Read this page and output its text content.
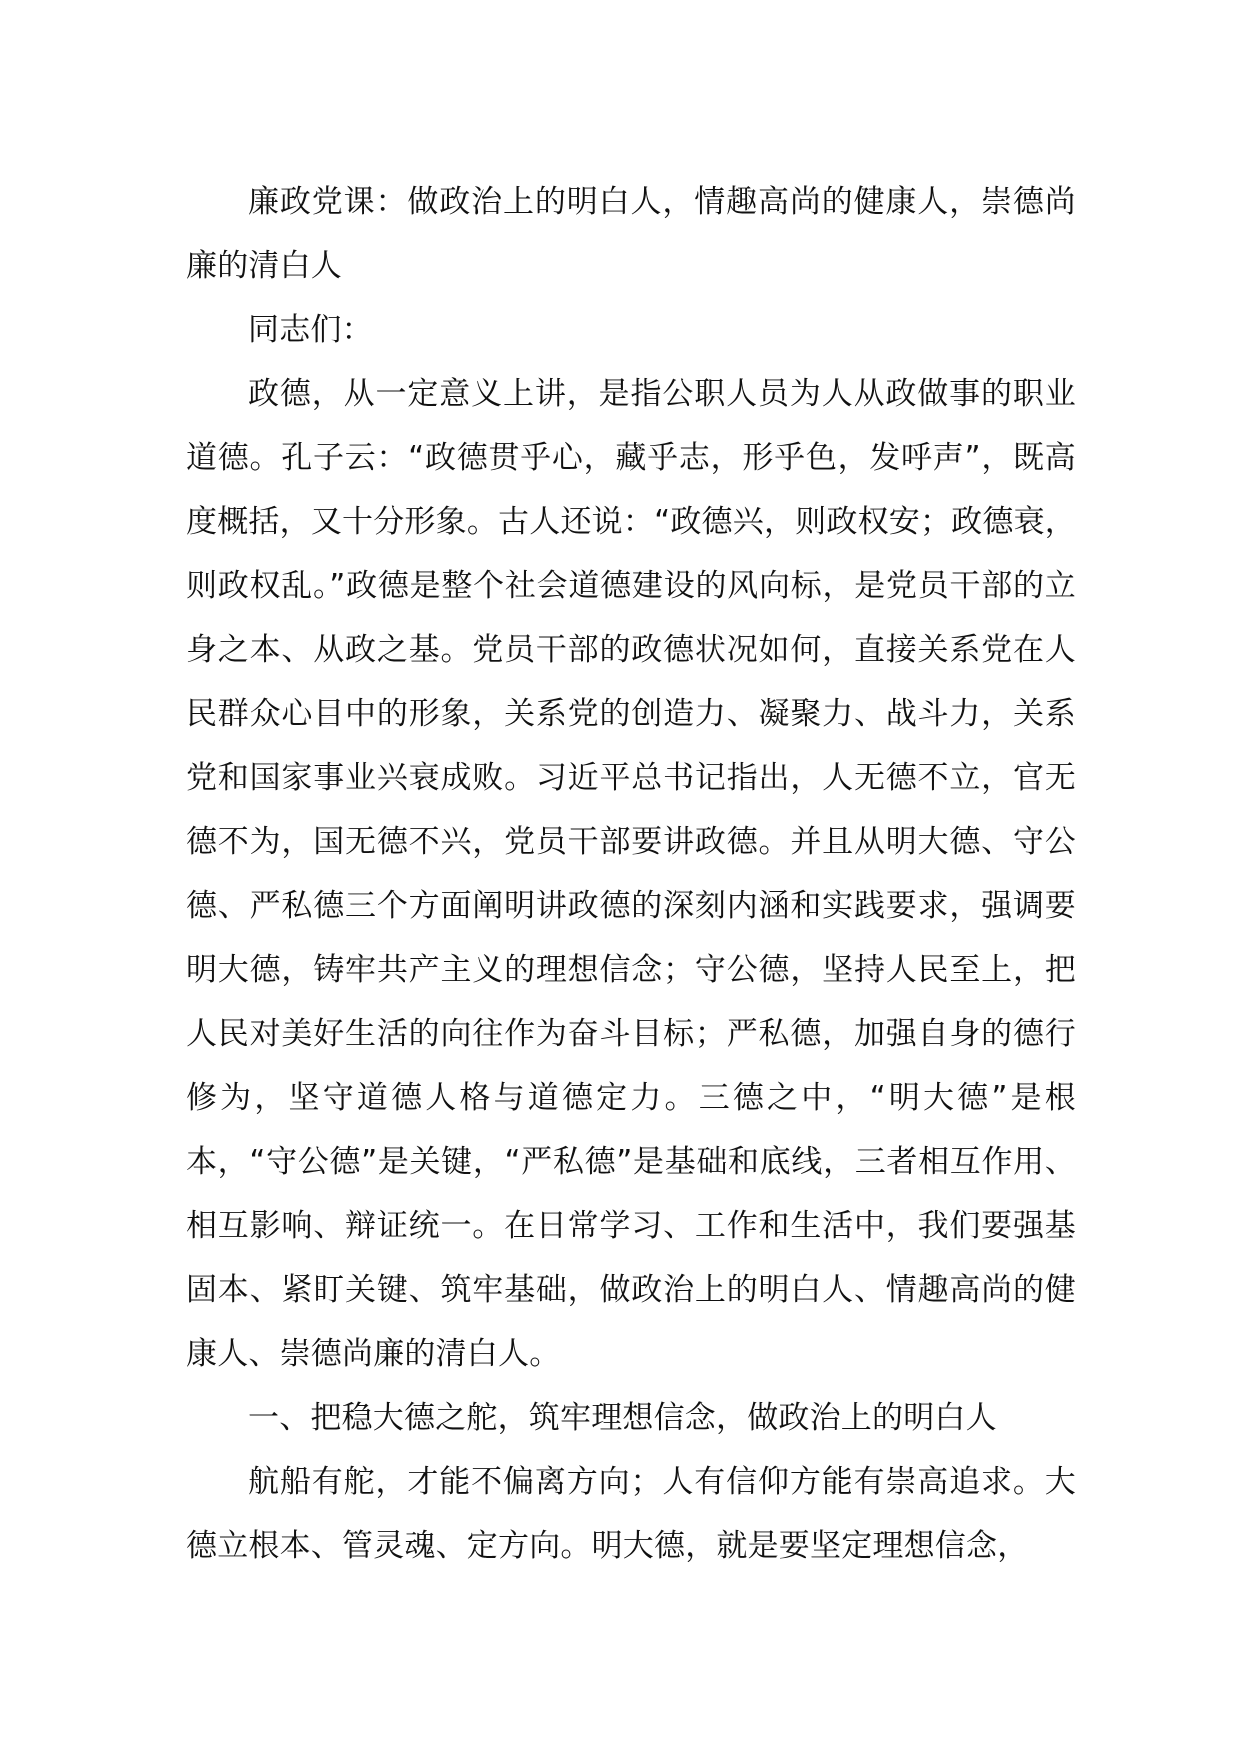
廉政党课：做政治上的明白人，情趣高尚的健康人，崇德尚廉的清白人

同志们：

政德，从一定意义上讲，是指公职人员为人从政做事的职业道德。孔子云：“政德贯乎心，藏乎志，形乎色，发呼声”，既高度概括，又十分形象。古人还说：“政德兴，则政权安；政德衰，则政权乱。”政德是整个社会道德建设的风向标，是党员干部的立身之本、从政之基。党员干部的政德状况如何，直接关系党在人民群众心目中的形象，关系党的创造力、凝聚力、战斗力，关系党和国家事业兴衰成败。习近平总书记指出，人无德不立，官无德不为，国无德不兴，党员干部要讲政德。并且从明大德、守公德、严私德三个方面阐明讲政德的深刻内涵和实践要求，强调要明大德，铸牢共产主义的理想信念；守公德，坚持人民至上，把人民对美好生活的向往作为奋斗目标；严私德，加强自身的德行修为，坚守道德人格与道德定力。三德之中，“明大德”是根本，“守公德”是关键，“严私德”是基础和底线，三者相互作用、相互影响、辩证统一。在日常学习、工作和生活中，我们要强基固本、紧盯关键、筑牢基础，做政治上的明白人、情趣高尚的健康人、崇德尚廉的清白人。

一、把稳大德之舵，筑牢理想信念，做政治上的明白人

航船有舵，才能不偏离方向；人有信仰方能有崇高追求。大德立根本、管灵魂、定方向。明大德，就是要坚定理想信念，
